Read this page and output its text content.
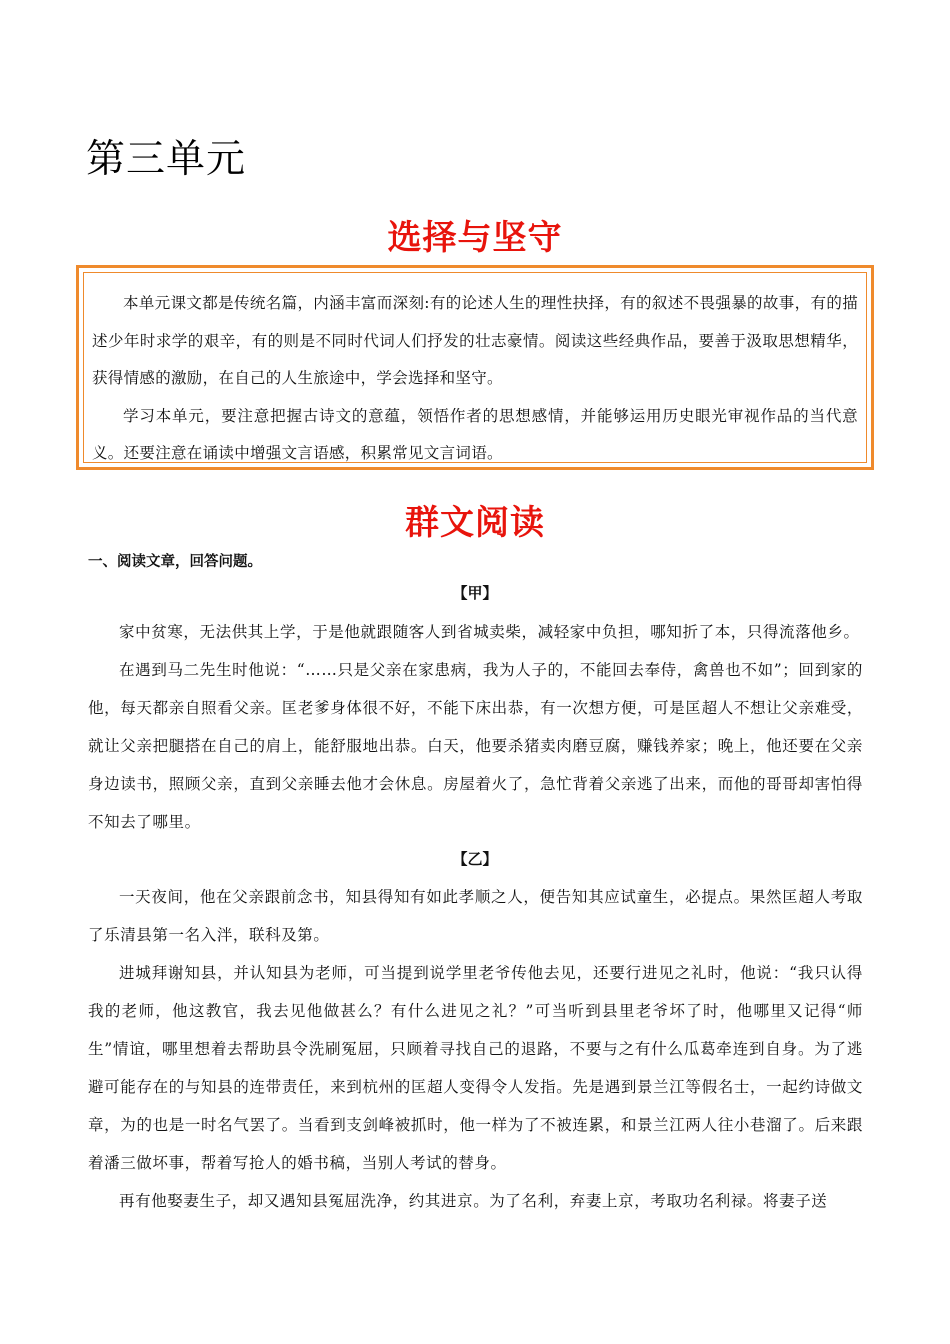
第三单元
选择与坚守

本单元课文都是传统名篇，内涵丰富而深刻:有的论述人生的理性抉择，有的叙述不畏强暴的故事，有的描述少年时求学的艰辛，有的则是不同时代词人们抒发的壮志豪情。阅读这些经典作品，要善于汲取思想精华，获得情感的激励，在自己的人生旅途中，学会选择和坚守。

学习本单元，要注意把握古诗文的意蕴，领悟作者的思想感情，并能够运用历史眼光审视作品的当代意义。还要注意在诵读中增强文言语感，积累常见文言词语。

群文阅读
一、阅读文章，回答问题。
【甲】

家中贫寒，无法供其上学，于是他就跟随客人到省城卖柴，减轻家中负担，哪知折了本，只得流落他乡。

在遇到马二先生时他说：“……只是父亲在家患病，我为人子的，不能回去奉侍，禽兽也不如”；回到家的他，每天都亲自照看父亲。匡老爹身体很不好，不能下床出恭，有一次想方便，可是匡超人不想让父亲难受，就让父亲把腿搭在自己的肩上，能舒服地出恭。白天，他要杀猪卖肉磨豆腐，赚钱养家；晚上，他还要在父亲身边读书，照顾父亲，直到父亲睡去他才会休息。房屋着火了，急忙背着父亲逃了出来，而他的哥哥却害怕得不知去了哪里。

【乙】

一天夜间，他在父亲跟前念书，知县得知有如此孝顺之人，便告知其应试童生，必提点。果然匡超人考取了乐清县第一名入泮，联科及第。

进城拜谢知县，并认知县为老师，可当提到说学里老爷传他去见，还要行进见之礼时，他说：“我只认得我的老师，他这教官，我去见他做甚么？有什么进见之礼？”可当听到县里老爷坏了时，他哪里又记得“师生”情谊，哪里想着去帮助县令洗刷冤屈，只顾着寻找自己的退路，不要与之有什么瓜葛牵连到自身。为了逃避可能存在的与知县的连带责任，来到杭州的匡超人变得令人发指。先是遇到景兰江等假名士，一起约诗做文章，为的也是一时名气罢了。当看到支剑峰被抓时，他一样为了不被连累，和景兰江两人往小巷溜了。后来跟着潘三做坏事，帮着写抢人的婚书稿，当别人考试的替身。

再有他娶妻生子，却又遇知县冤屈洗净，约其进京。为了名利，弃妻上京，考取功名利禄。将妻子送
